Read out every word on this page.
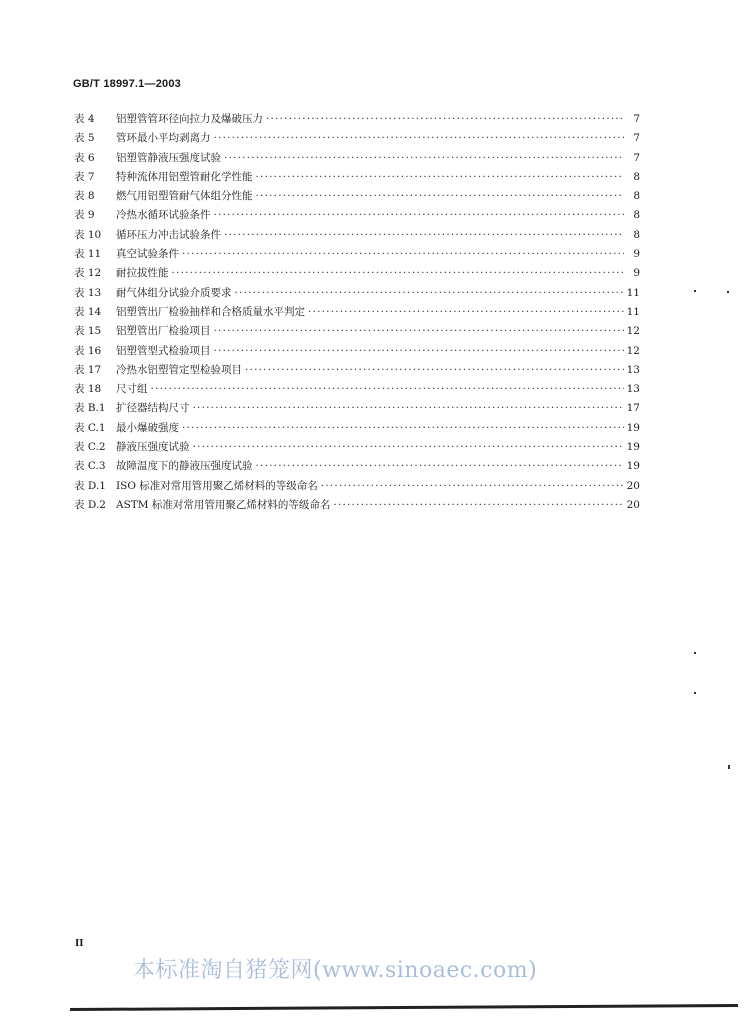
GB/T 18997.1—2003
表 4	铝塑管管环径向拉力及爆破压力 ·····	7
表 5	管环最小平均剥离力 ·····	7
表 6	铝塑管静液压强度试验 ·····	7
表 7	特种流体用铝塑管耐化学性能 ·····	8
表 8	燃气用铝塑管耐气体组分性能 ·····	8
表 9	冷热水循环试验条件 ·····	8
表 10	循环压力冲击试验条件 ·····	8
表 11	真空试验条件 ·····	9
表 12	耐拉拔性能 ·····	9
表 13	耐气体组分试验介质要求 ·····	11
表 14	铝塑管出厂检验抽样和合格质量水平判定 ·····	11
表 15	铝塑管出厂检验项目 ·····	12
表 16	铝塑管型式检验项目 ·····	12
表 17	冷热水铝塑管定型检验项目 ·····	13
表 18	尺寸组 ·····	13
表 B.1 扩径器结构尺寸 ·····	17
表 C.1 最小爆破强度 ·····	19
表 C.2 静液压强度试验 ·····	19
表 C.3 故障温度下的静液压强度试验 ·····	19
表 D.1 ISO 标准对常用管用聚乙烯材料的等级命名 ·····	20
表 D.2 ASTM 标准对常用管用聚乙烯材料的等级命名 ·····	20
II
本标准淘自猪笼网(www.sinoaec.com)
